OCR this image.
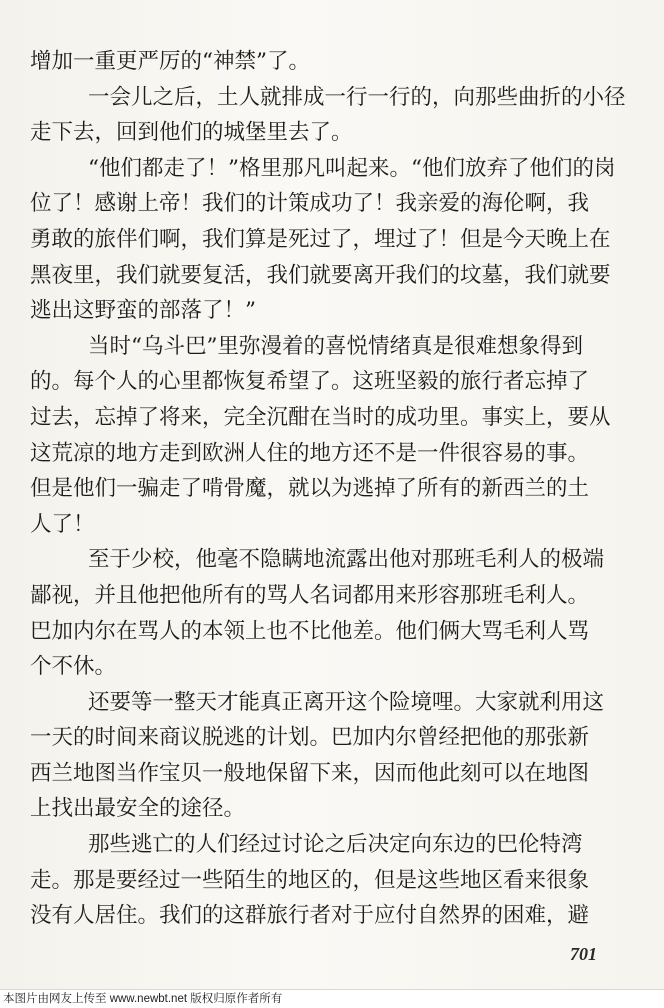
增加一重更严厉的“神禁”了。
一会儿之后，土人就排成一行一行的，向那些曲折的小径
走下去，回到他们的城堡里去了。
“他们都走了！”格里那凡叫起来。“他们放弃了他们的岗
位了！感谢上帝！我们的计策成功了！我亲爱的海伦啊，我
勇敢的旅伴们啊，我们算是死过了，埋过了！但是今天晚上在
黑夜里，我们就要复活，我们就要离开我们的坟墓，我们就要
逃出这野蛮的部落了！”
当时“乌斗巴”里弥漫着的喜悦情绪真是很难想象得到
的。每个人的心里都恢复希望了。这班坚毅的旅行者忘掉了
过去，忘掉了将来，完全沉酣在当时的成功里。事实上，要从
这荒凉的地方走到欧洲人住的地方还不是一件很容易的事。
但是他们一骗走了啃骨魔，就以为逃掉了所有的新西兰的土
人了！
至于少校，他毫不隐瞒地流露出他对那班毛利人的极端
鄙视，并且他把他所有的骂人名词都用来形容那班毛利人。
巴加内尔在骂人的本领上也不比他差。他们俩大骂毛利人骂
个不休。
还要等一整天才能真正离开这个险境哩。大家就利用这
一天的时间来商议脱逃的计划。巴加内尔曾经把他的那张新
西兰地图当作宝贝一般地保留下来，因而他此刻可以在地图
上找出最安全的途径。
那些逃亡的人们经过讨论之后决定向东边的巴伦特湾
走。那是要经过一些陌生的地区的，但是这些地区看来很象
没有人居住。我们的这群旅行者对于应付自然界的困难，避
701
本图片由网友上传至 www.newbt.net 版权归原作者所有
